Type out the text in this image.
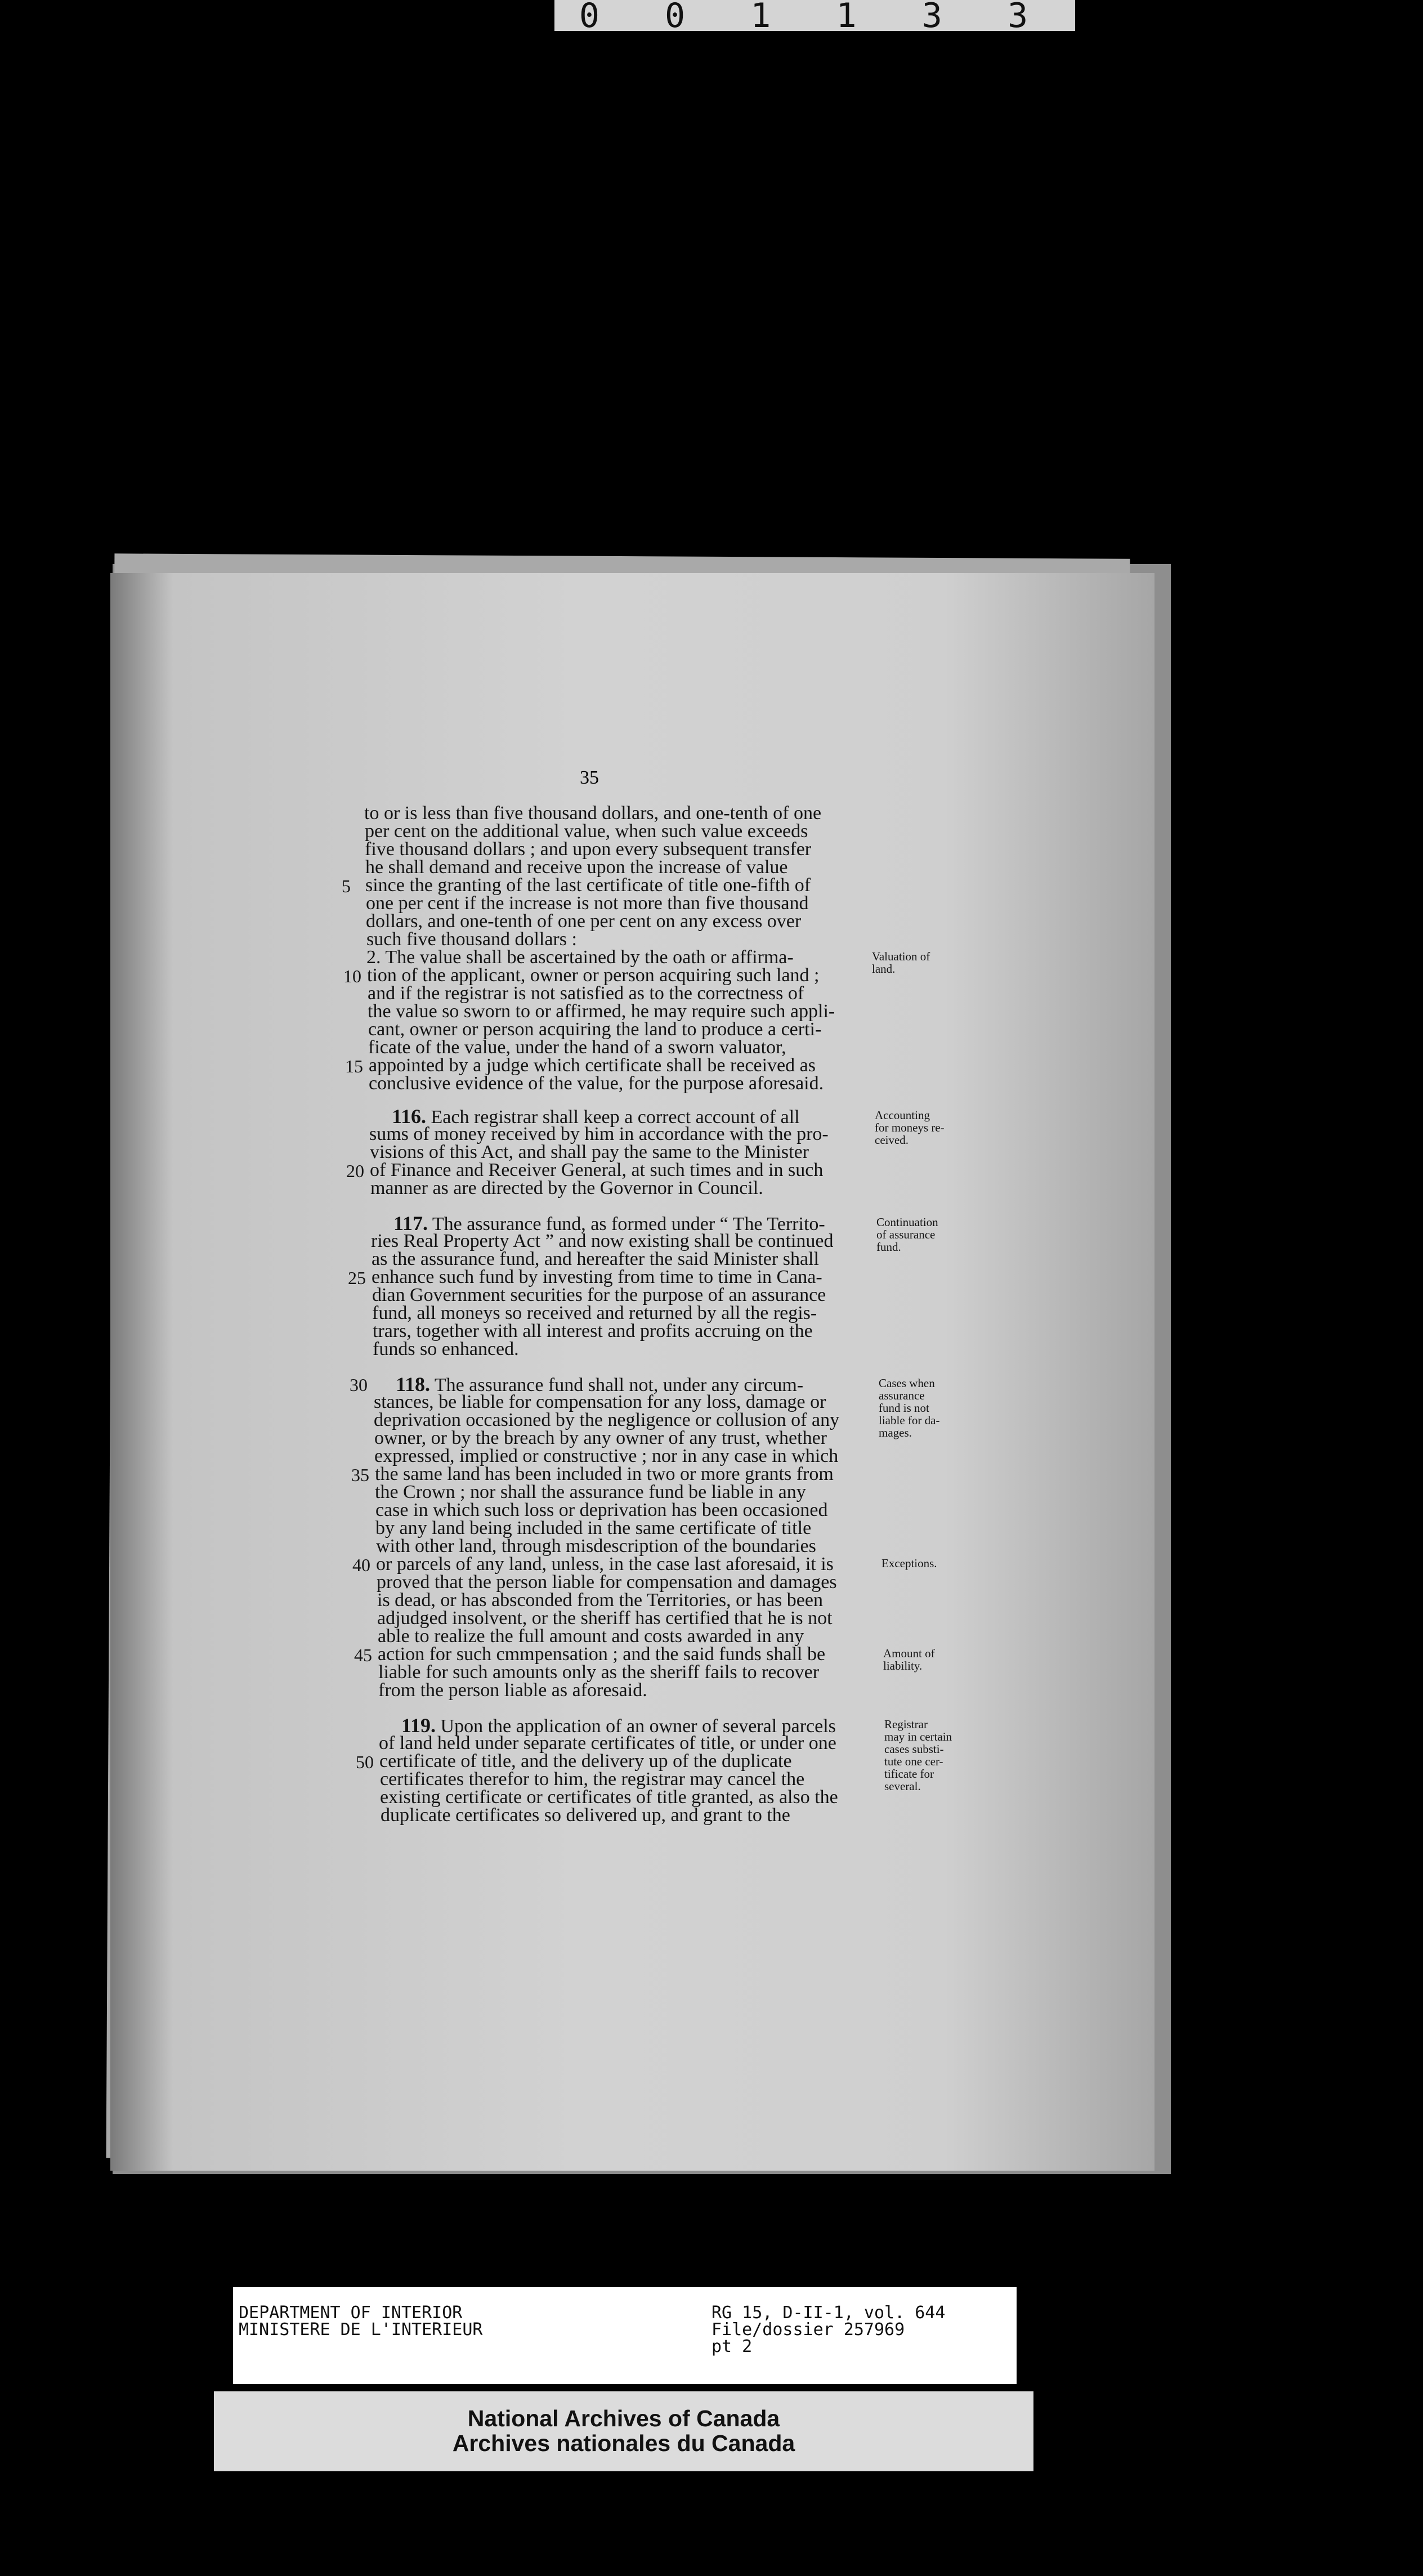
0 0 1 1 3 3
35
to or is less than five thousand dollars, and one-tenth of one
per cent on the additional value, when such value exceeds
five thousand dollars ; and upon every subsequent transfer
he shall demand and receive upon the increase of value
since the granting of the last certificate of title one-fifth of
5
one per cent if the increase is not more than five thousand
dollars, and one-tenth of one per cent on any excess over
such five thousand dollars :
2. The value shall be ascertained by the oath or affirma-
tion of the applicant, owner or person acquiring such land ;
10
and if the registrar is not satisfied as to the correctness of
the value so sworn to or affirmed, he may require such appli-
cant, owner or person acquiring the land to produce a certi-
ficate of the value, under the hand of a sworn valuator,
appointed by a judge which certificate shall be received as
15
conclusive evidence of the value, for the purpose aforesaid.
116. Each registrar shall keep a correct account of all
sums of money received by him in accordance with the pro-
visions of this Act, and shall pay the same to the Minister
of Finance and Receiver General, at such times and in such
20
manner as are directed by the Governor in Council.
117. The assurance fund, as formed under “ The Territo-
ries Real Property Act ” and now existing shall be continued
as the assurance fund, and hereafter the said Minister shall
enhance such fund by investing from time to time in Cana-
25
dian Government securities for the purpose of an assurance
fund, all moneys so received and returned by all the regis-
trars, together with all interest and profits accruing on the
funds so enhanced.
118. The assurance fund shall not, under any circum-
30
stances, be liable for compensation for any loss, damage or
deprivation occasioned by the negligence or collusion of any
owner, or by the breach by any owner of any trust, whether
expressed, implied or constructive ; nor in any case in which
the same land has been included in two or more grants from
35
the Crown ; nor shall the assurance fund be liable in any
case in which such loss or deprivation has been occasioned
by any land being included in the same certificate of title
with other land, through misdescription of the boundaries
or parcels of any land, unless, in the case last aforesaid, it is
40
proved that the person liable for compensation and damages
is dead, or has absconded from the Territories, or has been
adjudged insolvent, or the sheriff has certified that he is not
able to realize the full amount and costs awarded in any
action for such cmmpensation ; and the said funds shall be
45
liable for such amounts only as the sheriff fails to recover
from the person liable as aforesaid.
119. Upon the application of an owner of several parcels
of land held under separate certificates of title, or under one
certificate of title, and the delivery up of the duplicate
50
certificates therefor to him, the registrar may cancel the
existing certificate or certificates of title granted, as also the
duplicate certificates so delivered up, and grant to the
Valuation of
land.
Accounting
for moneys re-
ceived.
Continuation
of assurance
fund.
Cases when
assurance
fund is not
liable for da-
mages.
Exceptions.
Amount of
liability.
Registrar
may in certain
cases substi-
tute one cer-
tificate for
several.
DEPARTMENT OF INTERIOR
MINISTERE DE L'INTERIEUR
RG 15, D-II-1, vol. 644
File/dossier 257969
pt 2
National Archives of Canada
Archives nationales du Canada
